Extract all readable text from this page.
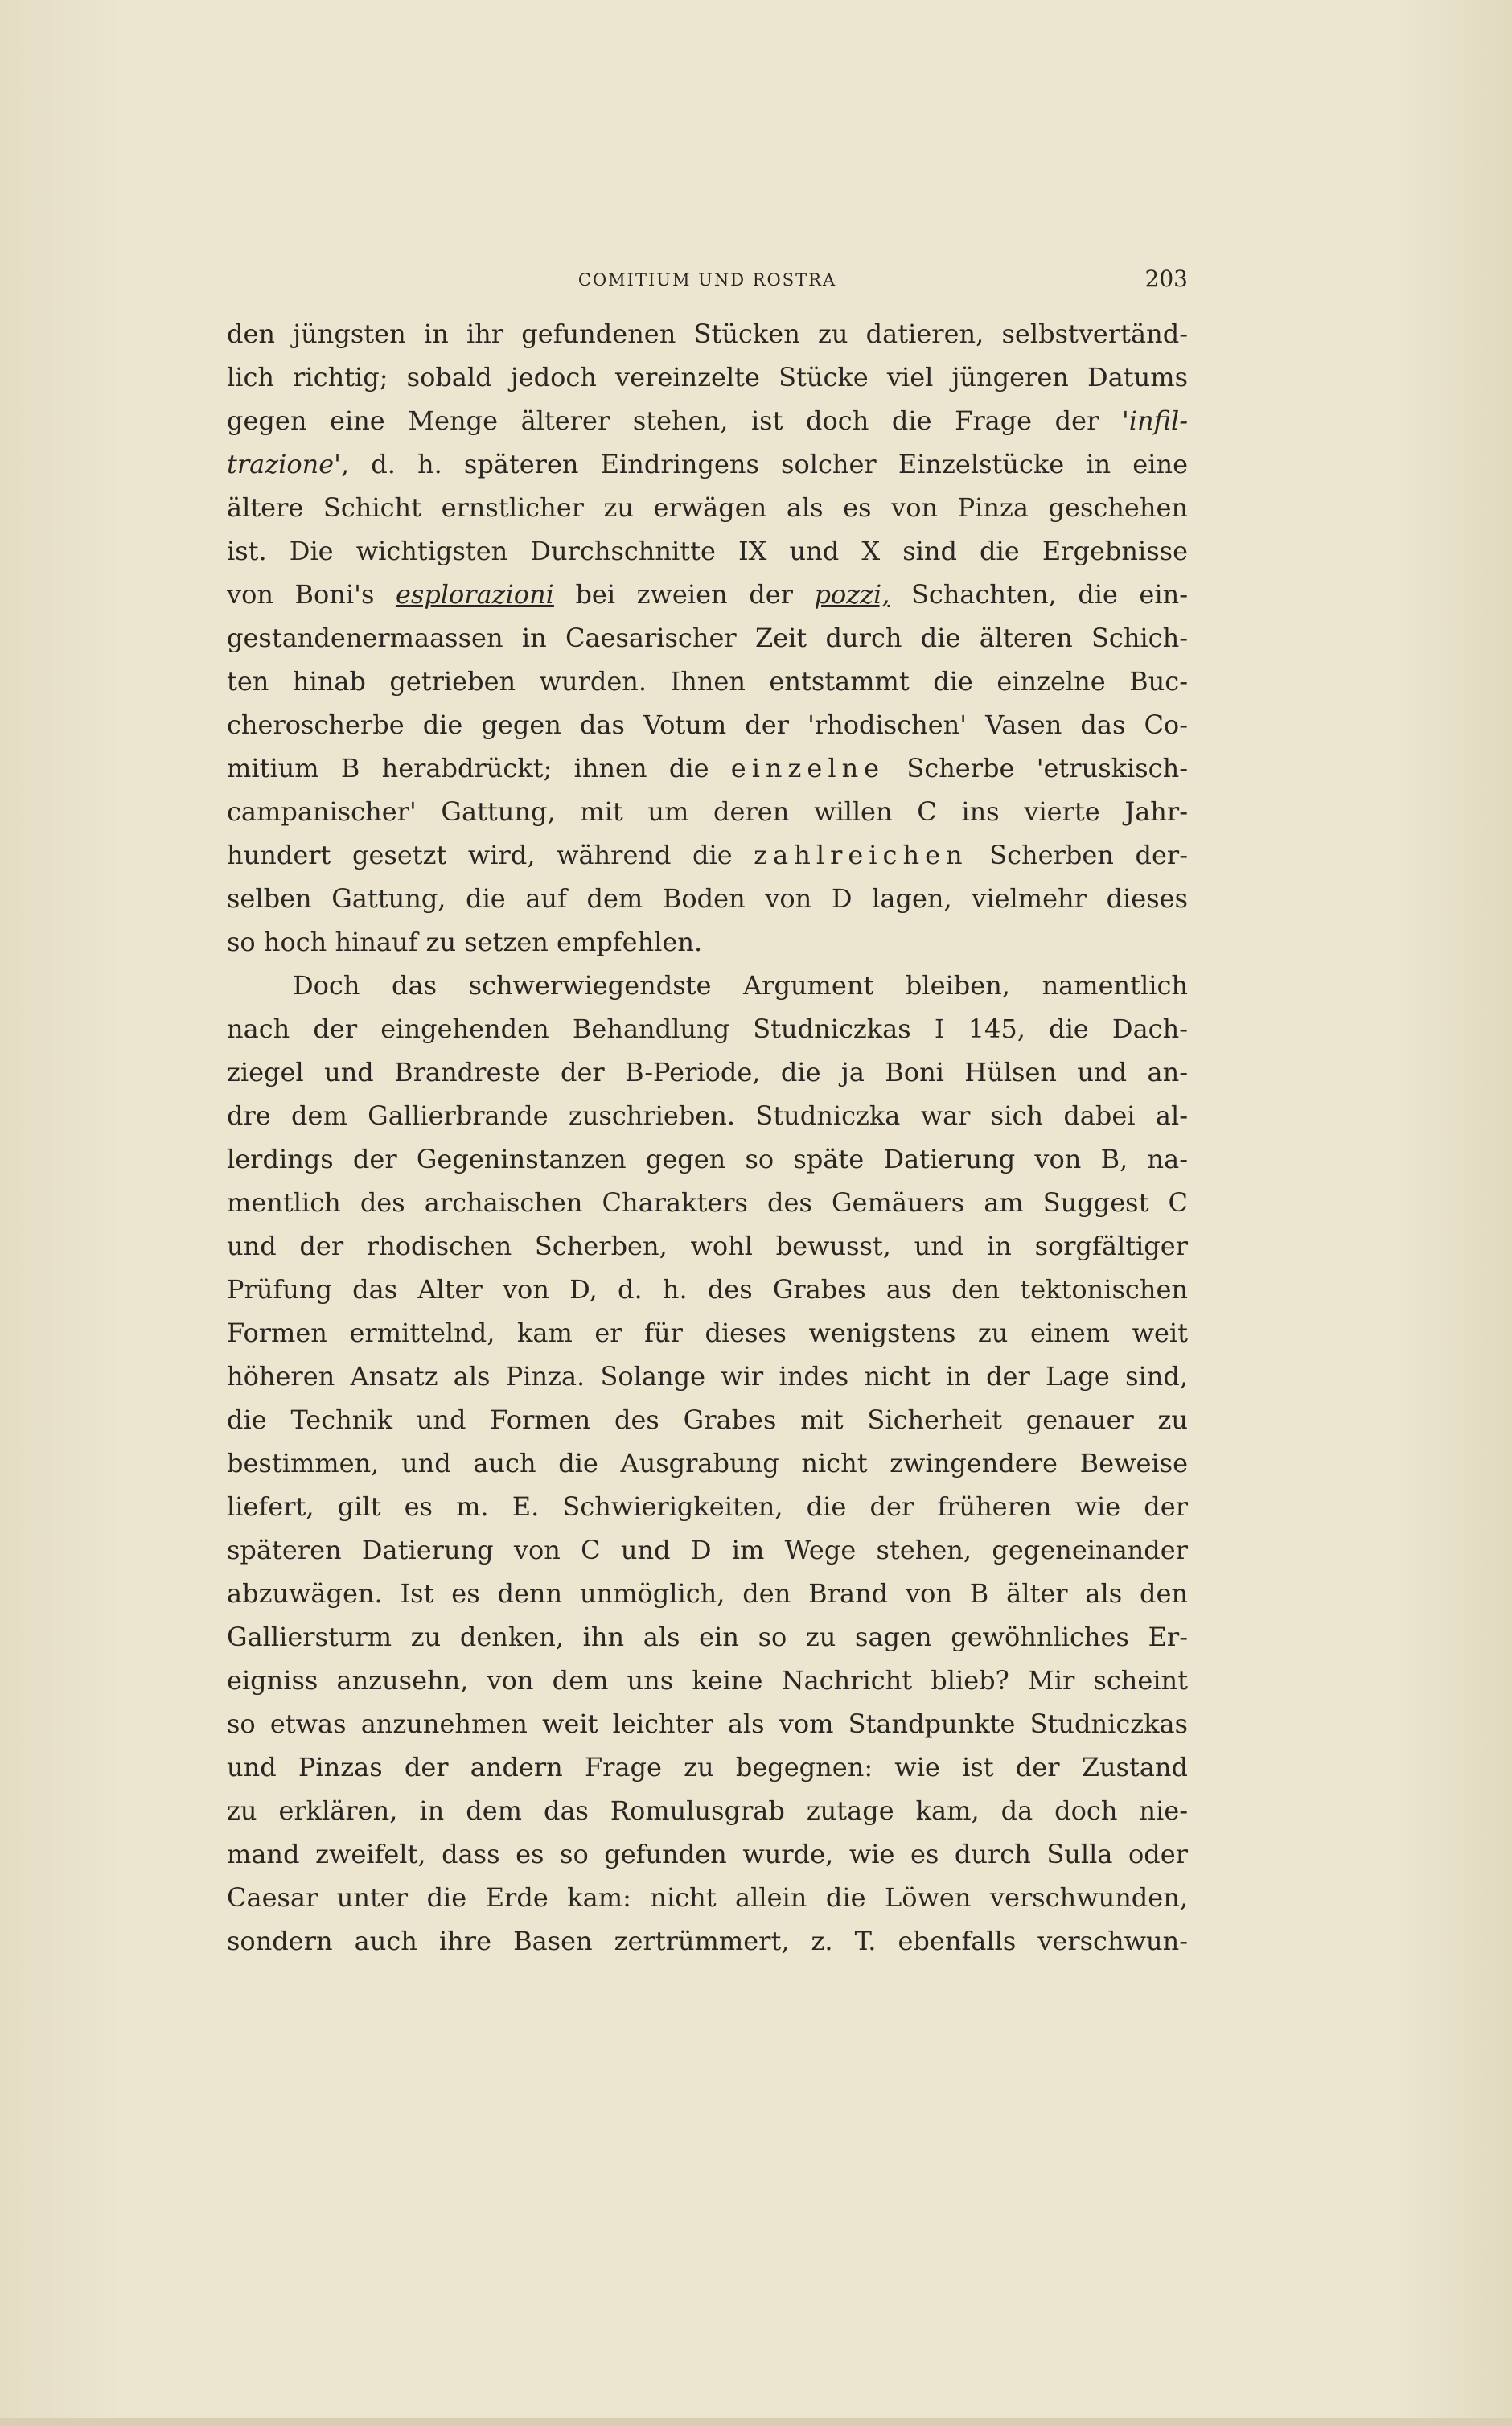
COMITIUM UND ROSTRA	203
den jüngsten in ihr gefundenen Stücken zu datieren, selbstvertänd-
lich richtig; sobald jedoch vereinzelte Stücke viel jüngeren Datums
gegen eine Menge älterer stehen, ist doch die Frage der 'infil-
trazione', d. h. späteren Eindringens solcher Einzelstücke in eine
ältere Schicht ernstlicher zu erwägen als es von Pinza geschehen
ist. Die wichtigsten Durchschnitte IX und X sind die Ergebnisse
von Boni's esplorazioni bei zweien der pozzi, Schachten, die ein-
gestandenermaassen in Caesarischer Zeit durch die älteren Schich-
ten hinab getrieben wurden. Ihnen entstammt die einzelne Buc-
cheroscherbe die gegen das Votum der 'rhodischen' Vasen das Co-
mitium B herabdrückt; ihnen die einzelne Scherbe 'etruskisch-
campanischer' Gattung, mit um deren willen C ins vierte Jahr-
hundert gesetzt wird, während die zahlreichen Scherben der-
selben Gattung, die auf dem Boden von D lagen, vielmehr dieses
so hoch hinauf zu setzen empfehlen.
Doch das schwerwiegendste Argument bleiben, namentlich
nach der eingehenden Behandlung Studniczkas I 145, die Dach-
ziegel und Brandreste der B-Periode, die ja Boni Hülsen und an-
dre dem Gallierbrande zuschrieben. Studniczka war sich dabei al-
lerdings der Gegeninstanzen gegen so späte Datierung von B, na-
mentlich des archaischen Charakters des Gemäuers am Suggest C
und der rhodischen Scherben, wohl bewusst, und in sorgfältiger
Prüfung das Alter von D, d. h. des Grabes aus den tektonischen
Formen ermittelnd, kam er für dieses wenigstens zu einem weit
höheren Ansatz als Pinza. Solange wir indes nicht in der Lage sind,
die Technik und Formen des Grabes mit Sicherheit genauer zu
bestimmen, und auch die Ausgrabung nicht zwingendere Beweise
liefert, gilt es m. E. Schwierigkeiten, die der früheren wie der
späteren Datierung von C und D im Wege stehen, gegeneinander
abzuwägen. Ist es denn unmöglich, den Brand von B älter als den
Galliersturm zu denken, ihn als ein so zu sagen gewöhnliches Er-
eigniss anzusehn, von dem uns keine Nachricht blieb? Mir scheint
so etwas anzunehmen weit leichter als vom Standpunkte Studniczkas
und Pinzas der andern Frage zu begegnen: wie ist der Zustand
zu erklären, in dem das Romulusgrab zutage kam, da doch nie-
mand zweifelt, dass es so gefunden wurde, wie es durch Sulla oder
Caesar unter die Erde kam: nicht allein die Löwen verschwunden,
sondern auch ihre Basen zertrümmert, z. T. ebenfalls verschwun-
